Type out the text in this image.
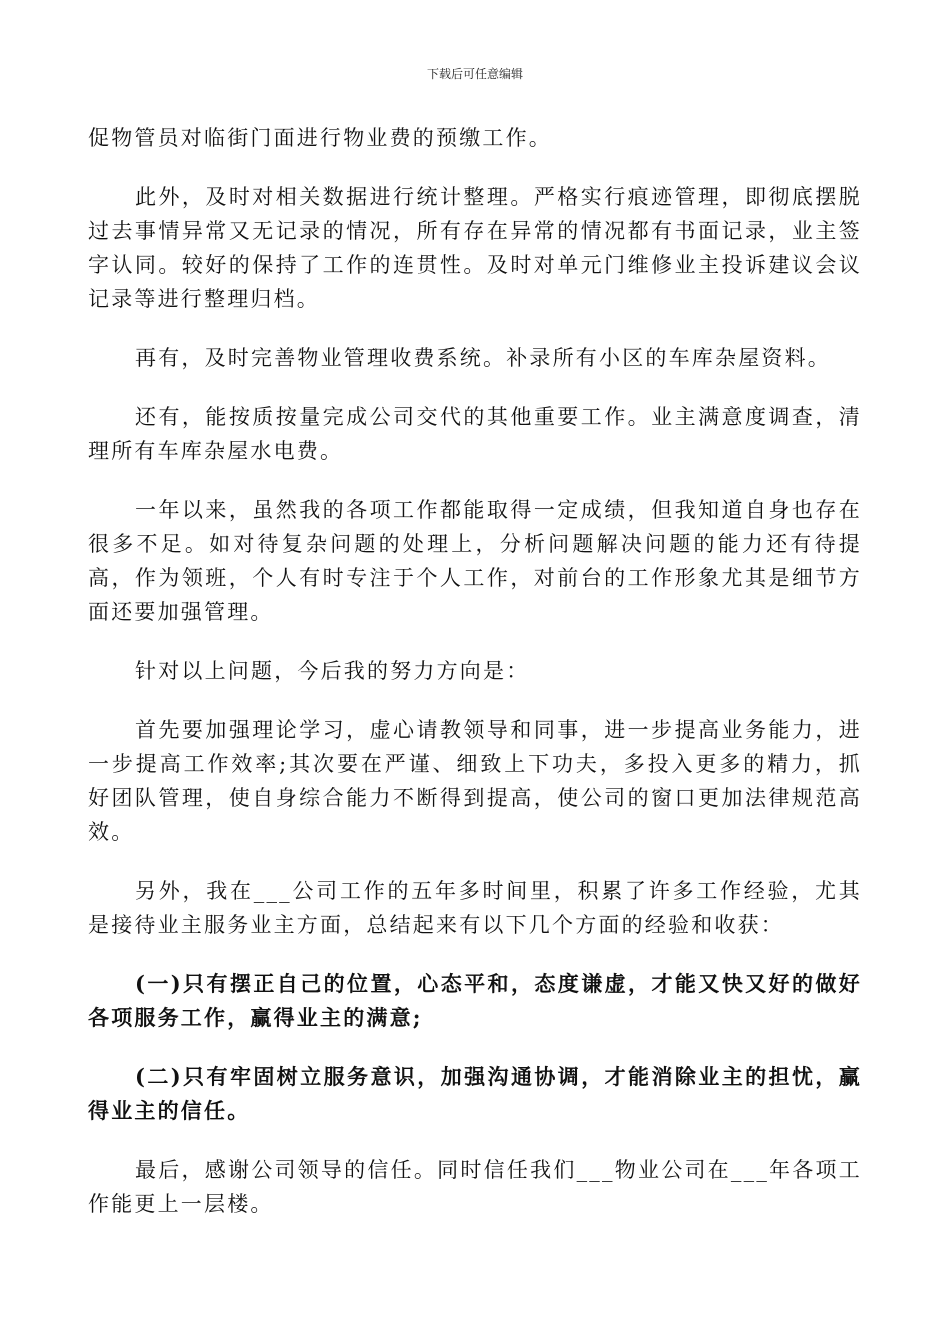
下载后可任意编辑

促物管员对临街门面进行物业费的预缴工作。

此外，及时对相关数据进行统计整理。严格实行痕迹管理，即彻底摆脱过去事情异常又无记录的情况，所有存在异常的情况都有书面记录，业主签字认同。较好的保持了工作的连贯性。及时对单元门维修业主投诉建议会议记录等进行整理归档。

再有，及时完善物业管理收费系统。补录所有小区的车库杂屋资料。

还有，能按质按量完成公司交代的其他重要工作。业主满意度调查，清理所有车库杂屋水电费。

一年以来，虽然我的各项工作都能取得一定成绩，但我知道自身也存在很多不足。如对待复杂问题的处理上，分析问题解决问题的能力还有待提高，作为领班，个人有时专注于个人工作，对前台的工作形象尤其是细节方面还要加强管理。

针对以上问题，今后我的努力方向是：

首先要加强理论学习，虚心请教领导和同事，进一步提高业务能力，进一步提高工作效率;其次要在严谨、细致上下功夫，多投入更多的精力，抓好团队管理，使自身综合能力不断得到提高，使公司的窗口更加法律规范高效。

另外，我在___公司工作的五年多时间里，积累了许多工作经验，尤其是接待业主服务业主方面，总结起来有以下几个方面的经验和收获：

(一)只有摆正自己的位置，心态平和，态度谦虚，才能又快又好的做好各项服务工作，赢得业主的满意;

(二)只有牢固树立服务意识，加强沟通协调，才能消除业主的担忧，赢得业主的信任。

最后，感谢公司领导的信任。同时信任我们___物业公司在___年各项工作能更上一层楼。
